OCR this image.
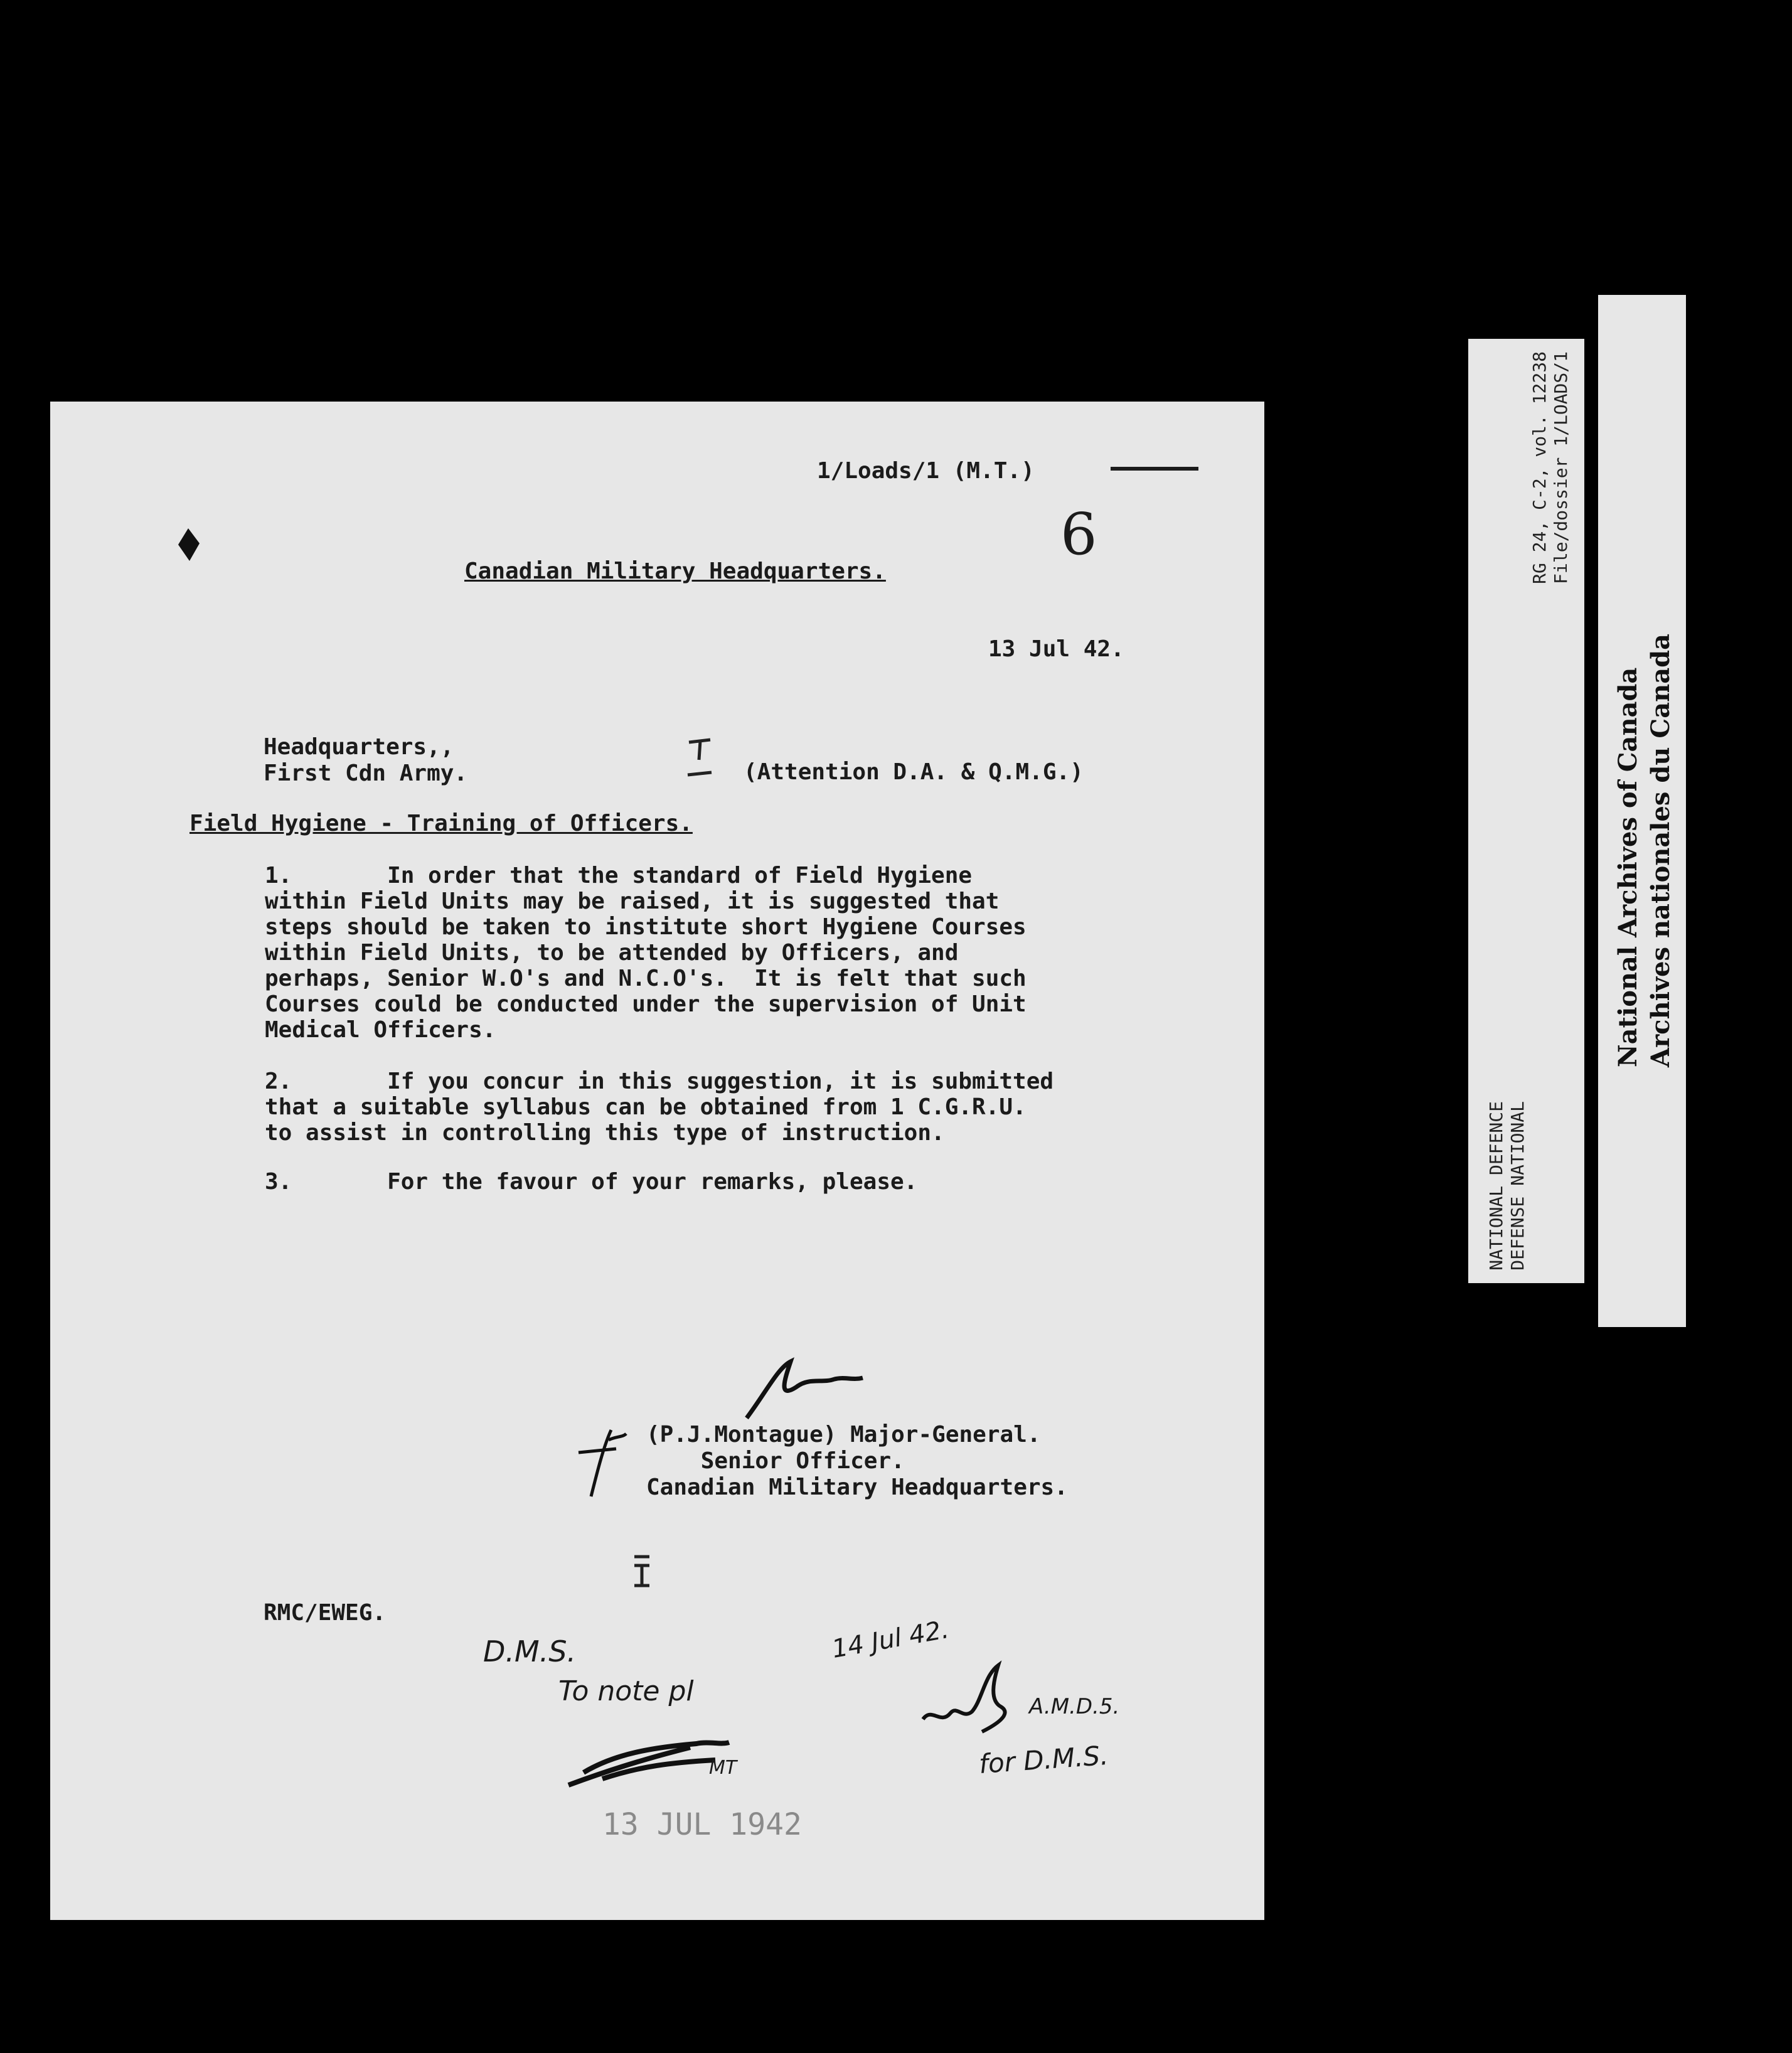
1/Loads/1 (M.T.)
6
Canadian Military Headquarters.
13 Jul 42.
Headquarters,,
First Cdn Army.	(Attention D.A. & Q.M.G.)
Field Hygiene - Training of Officers.
1.       In order that the standard of Field Hygiene
within Field Units may be raised, it is suggested that
steps should be taken to institute short Hygiene Courses
within Field Units, to be attended by Officers, and
perhaps, Senior W.O's and N.C.O's.  It is felt that such
Courses could be conducted under the supervision of Unit
Medical Officers.
2.       If you concur in this suggestion, it is submitted
that a suitable syllabus can be obtained from 1 C.G.R.U.
to assist in controlling this type of instruction.
3.       For the favour of your remarks, please.
(P.J.Montague) Major-General.
Senior Officer.
Canadian Military Headquarters.
RMC/EWEG.
D.M.S.
To note pl
MT
14 Jul 42.
A.M.D.5.
for D.M.S.
13 JUL 1942
RG 24, C-2, vol. 12238
File/dossier 1/LOADS/1
NATIONAL DEFENCE
DEFENSE NATIONAL
National Archives of Canada
Archives nationales du Canada
